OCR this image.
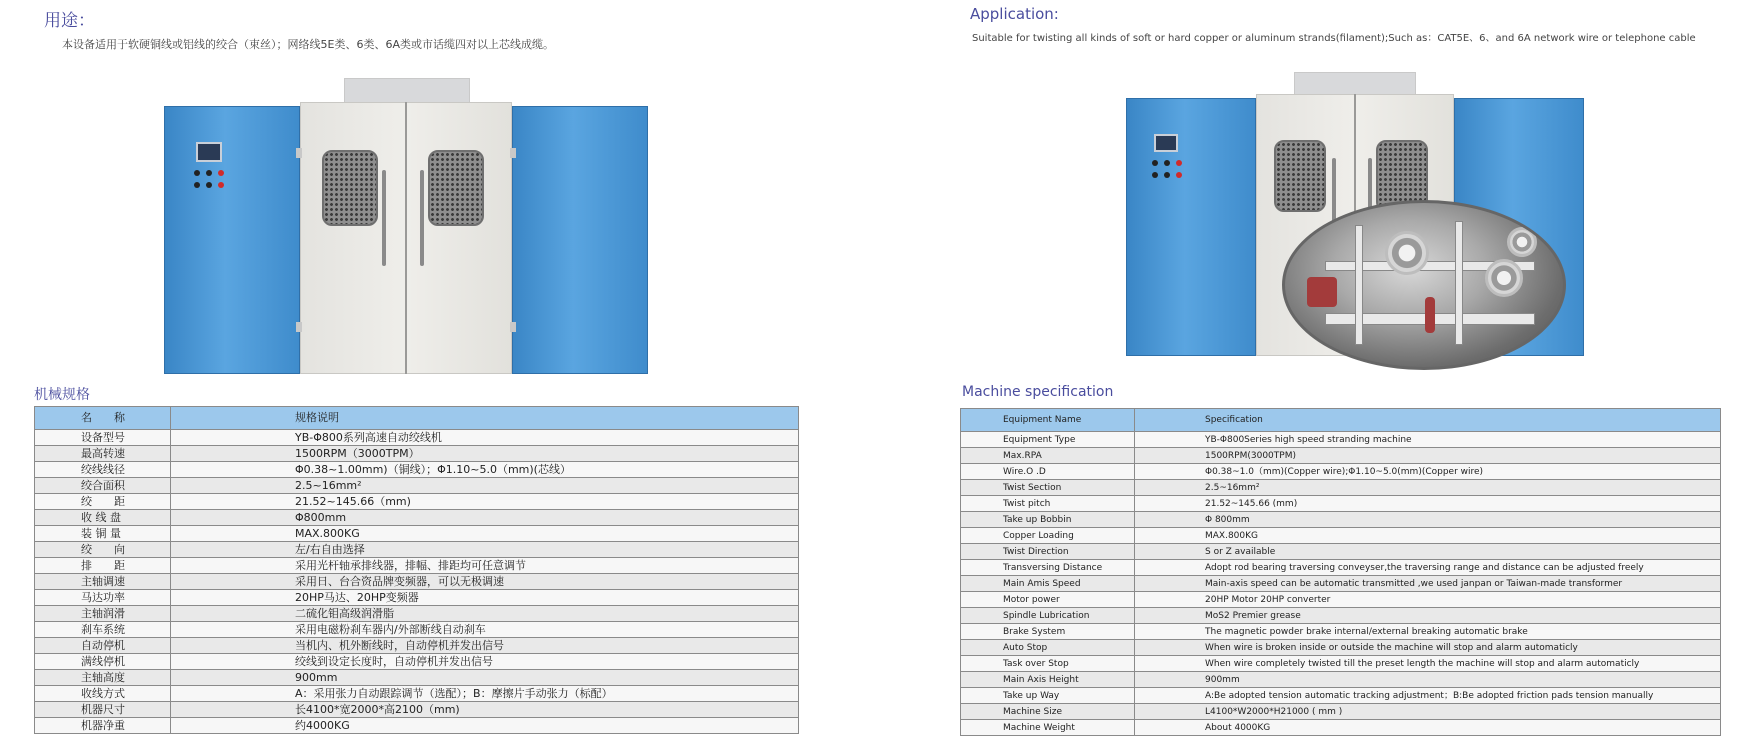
用途：
本设备适用于软硬铜线或铝线的绞合（束丝）；网络线5E类、6类、6A类或市话缆四对以上芯线成缆。
机械规格
名　　称	规格说明
设备型号	YB-Φ800系列高速自动绞线机
最高转速	1500RPM（3000TPM）
绞线线径	Φ0.38~1.00mm)（铜线）；Φ1.10~5.0（mm)(芯线）
绞合面积	2.5~16mm²
绞　　距	21.52~145.66（mm)
收 线 盘	Φ800mm
装 铜 量	MAX.800KG
绞　　向	左/右自由选择
排　　距	采用光杆轴承排线器，排幅、排距均可任意调节
主轴调速	采用日、台合资品牌变频器，可以无极调速
马达功率	20HP马达、20HP变频器
主轴润滑	二硫化钼高级润滑脂
刹车系统	采用电磁粉刹车器内/外部断线自动刹车
自动停机	当机内、机外断线时，自动停机并发出信号
满线停机	绞线到设定长度时，自动停机并发出信号
主轴高度	900mm
收线方式	A：采用张力自动跟踪调节（选配）；B：摩擦片手动张力（标配）
机器尺寸	长4100*宽2000*高2100（mm)
机器净重	约4000KG
Application:
Suitable for twisting all kinds of soft or hard copper or aluminum strands(filament);Such as：CAT5E、6、and 6A network wire or telephone cable
Machine specification
Equipment Name	Specification
Equipment Type	YB-Φ800Series high speed stranding machine
Max.RPA	1500RPM(3000TPM)
Wire.O .D	Φ0.38~1.0（mm)(Copper wire);Φ1.10~5.0(mm)(Copper wire)
Twist Section	2.5~16mm²
Twist pitch	21.52~145.66 (mm)
Take up Bobbin	Φ 800mm
Copper Loading	MAX.800KG
Twist Direction	S or Z available
Transversing Distance	Adopt rod bearing traversing conveyser,the traversing range and distance can be adjusted freely
Main Amis Speed	Main-axis speed can be automatic transmitted ,we used janpan or Taiwan-made transformer
Motor power	20HP Motor 20HP converter
Spindle Lubrication	MoS2 Premier grease
Brake System	The magnetic powder brake internal/external breaking automatic brake
Auto Stop	When wire is broken inside or outside the machine will stop and alarm automaticly
Task over Stop	When wire completely twisted till the preset length the machine will stop and alarm automaticly
Main Axis Height	900mm
Take up Way	A:Be adopted tension automatic tracking adjustment；B:Be adopted friction pads tension manually
Machine Size	L4100*W2000*H21000 ( mm )
Machine Weight	About 4000KG
